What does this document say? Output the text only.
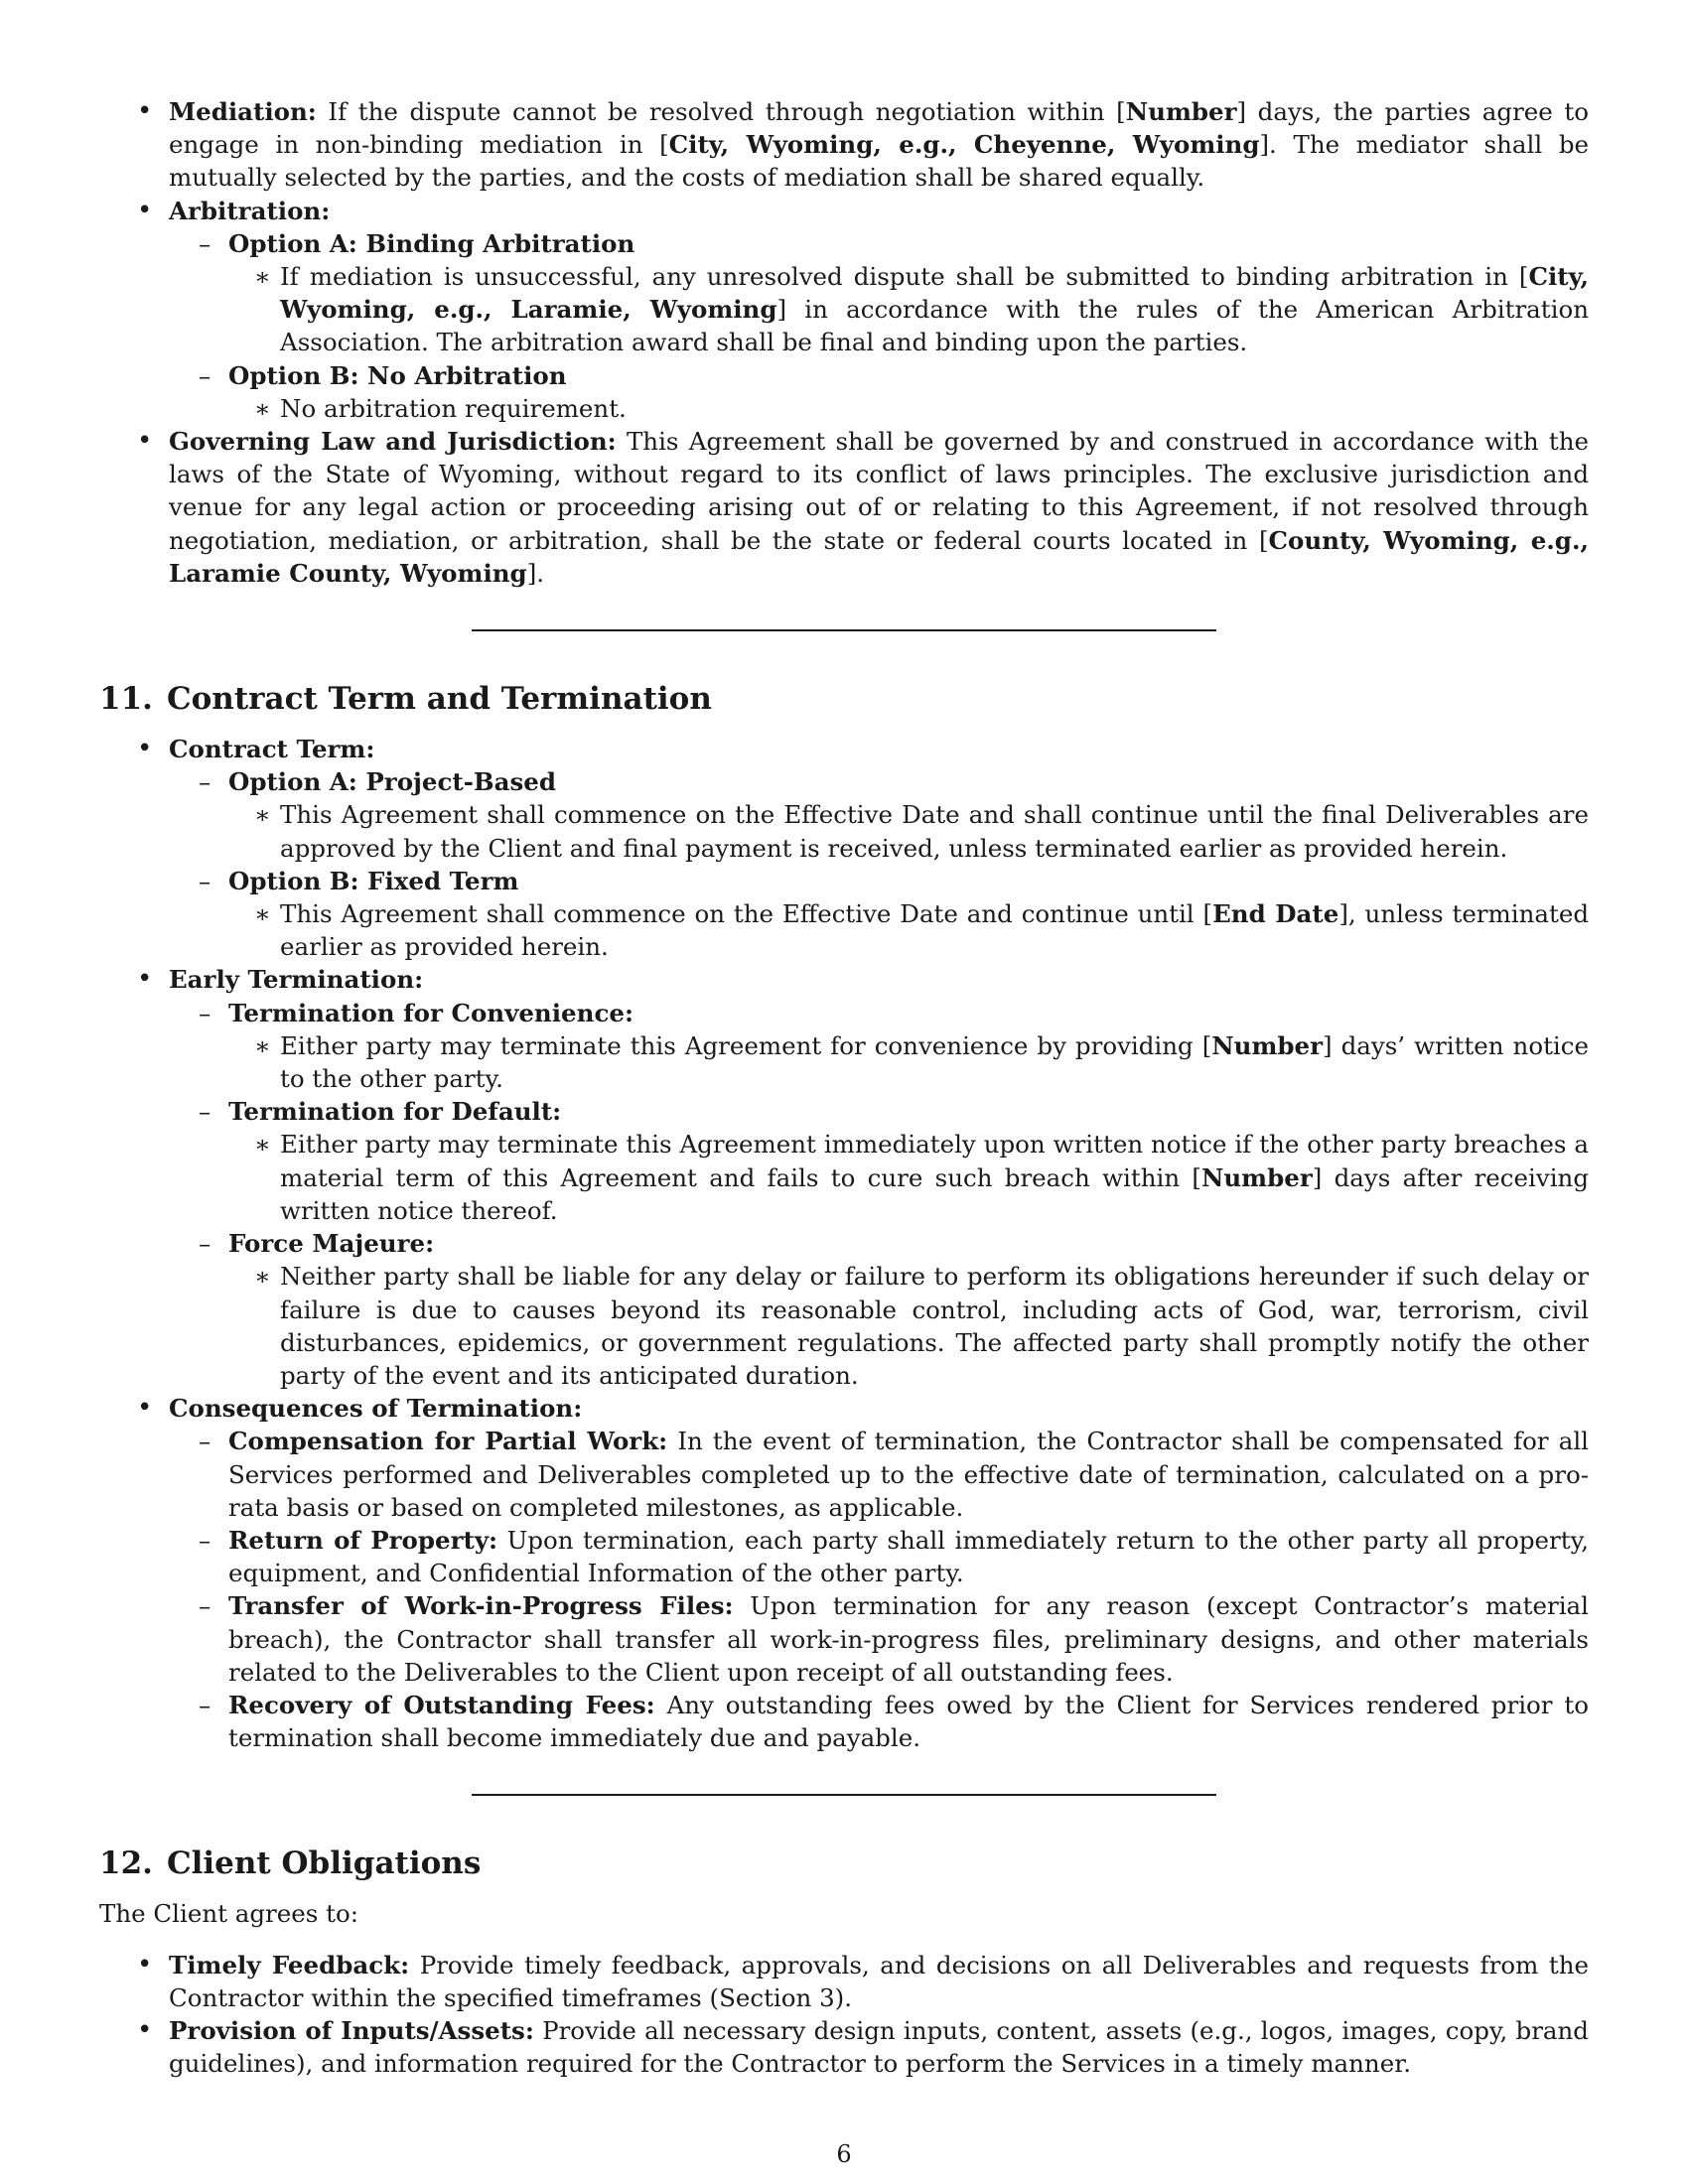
• Mediation: If the dispute cannot be resolved through negotiation within [Number] days, the parties agree to engage in non-binding mediation in [City, Wyoming, e.g., Cheyenne, Wyoming]. The mediator shall be mutually selected by the parties, and the costs of mediation shall be shared equally.
• Arbitration:
– Option A: Binding Arbitration
∗ If mediation is unsuccessful, any unresolved dispute shall be submitted to binding arbitration in [City, Wyoming, e.g., Laramie, Wyoming] in accordance with the rules of the American Arbitration Association. The arbitration award shall be final and binding upon the parties.
– Option B: No Arbitration
∗ No arbitration requirement.
• Governing Law and Jurisdiction: This Agreement shall be governed by and construed in accordance with the laws of the State of Wyoming, without regard to its conflict of laws principles. The exclusive jurisdiction and venue for any legal action or proceeding arising out of or relating to this Agreement, if not resolved through negotiation, mediation, or arbitration, shall be the state or federal courts located in [County, Wyoming, e.g., Laramie County, Wyoming].
11. Contract Term and Termination
• Contract Term:
– Option A: Project-Based
∗ This Agreement shall commence on the Effective Date and shall continue until the final Deliverables are approved by the Client and final payment is received, unless terminated earlier as provided herein.
– Option B: Fixed Term
∗ This Agreement shall commence on the Effective Date and continue until [End Date], unless terminated earlier as provided herein.
• Early Termination:
– Termination for Convenience:
∗ Either party may terminate this Agreement for convenience by providing [Number] days’ written notice to the other party.
– Termination for Default:
∗ Either party may terminate this Agreement immediately upon written notice if the other party breaches a material term of this Agreement and fails to cure such breach within [Number] days after receiving written notice thereof.
– Force Majeure:
∗ Neither party shall be liable for any delay or failure to perform its obligations hereunder if such delay or failure is due to causes beyond its reasonable control, including acts of God, war, terrorism, civil disturbances, epidemics, or government regulations. The affected party shall promptly notify the other party of the event and its anticipated duration.
• Consequences of Termination:
– Compensation for Partial Work: In the event of termination, the Contractor shall be compensated for all Services performed and Deliverables completed up to the effective date of termination, calculated on a pro-rata basis or based on completed milestones, as applicable.
– Return of Property: Upon termination, each party shall immediately return to the other party all property, equipment, and Confidential Information of the other party.
– Transfer of Work-in-Progress Files: Upon termination for any reason (except Contractor’s material breach), the Contractor shall transfer all work-in-progress files, preliminary designs, and other materials related to the Deliverables to the Client upon receipt of all outstanding fees.
– Recovery of Outstanding Fees: Any outstanding fees owed by the Client for Services rendered prior to termination shall become immediately due and payable.
12. Client Obligations

The Client agrees to:

• Timely Feedback: Provide timely feedback, approvals, and decisions on all Deliverables and requests from the Contractor within the specified timeframes (Section 3).
• Provision of Inputs/Assets: Provide all necessary design inputs, content, assets (e.g., logos, images, copy, brand guidelines), and information required for the Contractor to perform the Services in a timely manner.
6
